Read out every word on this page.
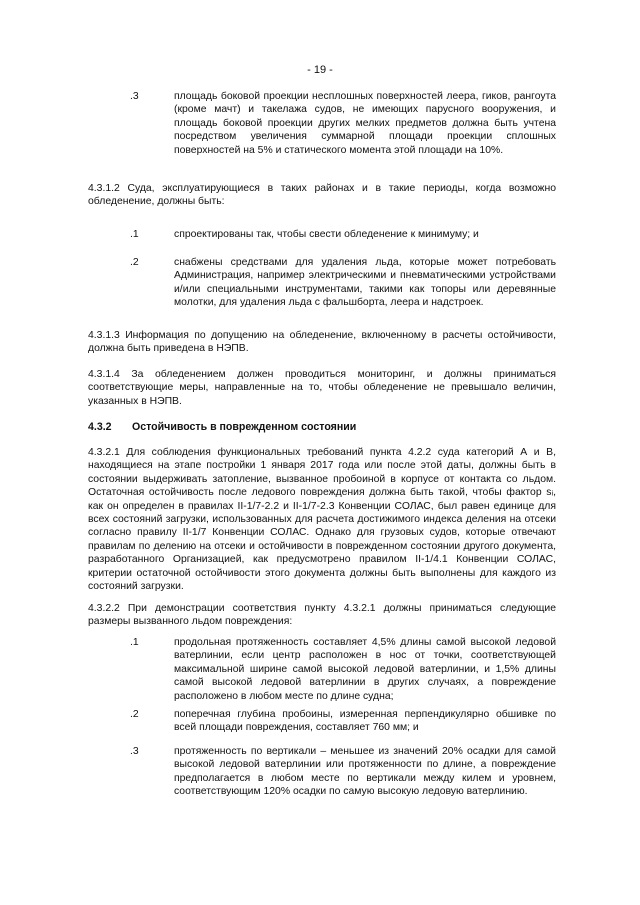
- 19 -
.3	площадь боковой проекции несплошных поверхностей леера, гиков, рангоута (кроме мачт) и такелажа судов, не имеющих парусного вооружения, и площадь боковой проекции других мелких предметов должна быть учтена посредством увеличения суммарной площади проекции сплошных поверхностей на 5% и статического момента этой площади на 10%.
4.3.1.2 Суда, эксплуатирующиеся в таких районах и в такие периоды, когда возможно обледенение, должны быть:
.1	спроектированы так, чтобы свести обледенение к минимуму; и
.2	снабжены средствами для удаления льда, которые может потребовать Администрация, например электрическими и пневматическими устройствами и/или специальными инструментами, такими как топоры или деревянные молотки, для удаления льда с фальшборта, леера и надстроек.
4.3.1.3 Информация по допущению на обледенение, включенному в расчеты остойчивости, должна быть приведена в НЭПВ.
4.3.1.4 За обледенением должен проводиться мониторинг, и должны приниматься соответствующие меры, направленные на то, чтобы обледенение не превышало величин, указанных в НЭПВ.
4.3.2 Остойчивость в поврежденном состоянии
4.3.2.1 Для соблюдения функциональных требований пункта 4.2.2 суда категорий А и В, находящиеся на этапе постройки 1 января 2017 года или после этой даты, должны быть в состоянии выдерживать затопление, вызванное пробоиной в корпусе от контакта со льдом. Остаточная остойчивость после ледового повреждения должна быть такой, чтобы фактор sᵢ, как он определен в правилах II-1/7-2.2 и II-1/7-2.3 Конвенции СОЛАС, был равен единице для всех состояний загрузки, использованных для расчета достижимого индекса деления на отсеки согласно правилу II-1/7 Конвенции СОЛАС. Однако для грузовых судов, которые отвечают правилам по делению на отсеки и остойчивости в поврежденном состоянии другого документа, разработанного Организацией, как предусмотрено правилом II-1/4.1 Конвенции СОЛАС, критерии остаточной остойчивости этого документа должны быть выполнены для каждого из состояний загрузки.
4.3.2.2 При демонстрации соответствия пункту 4.3.2.1 должны приниматься следующие размеры вызванного льдом повреждения:
.1	продольная протяженность составляет 4,5% длины самой высокой ледовой ватерлинии, если центр расположен в нос от точки, соответствующей максимальной ширине самой высокой ледовой ватерлинии, и 1,5% длины самой высокой ледовой ватерлинии в других случаях, а повреждение расположено в любом месте по длине судна;
.2	поперечная глубина пробоины, измеренная перпендикулярно обшивке по всей площади повреждения, составляет 760 мм; и
.3	протяженность по вертикали – меньшее из значений 20% осадки для самой высокой ледовой ватерлинии или протяженности по длине, а повреждение предполагается в любом месте по вертикали между килем и уровнем, соответствующим 120% осадки по самую высокую ледовую ватерлинию.
